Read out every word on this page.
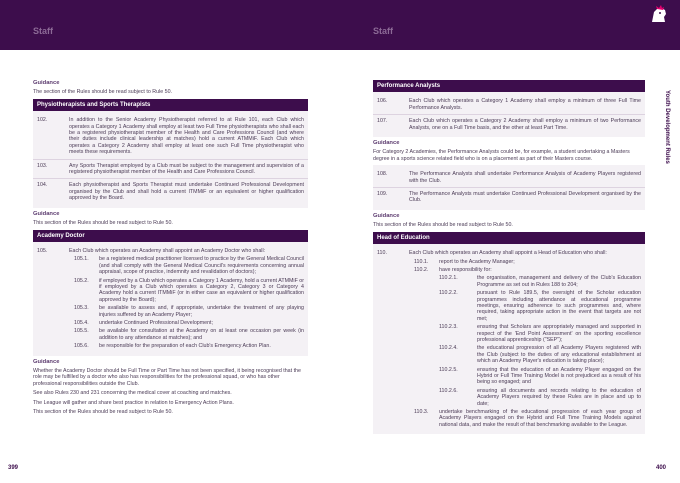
Staff
Guidance
The section of the Rules should be read subject to Rule 50.
Physiotherapists and Sports Therapists
102.	In addition to the Senior Academy Physiotherapist referred to at Rule 101, each Club which operates a Category 1 Academy shall employ at least two Full Time physiotherapists who shall each be a registered physiotherapist member of the Health and Care Professions Council (and where their duties include clinical leadership at matches) hold a current ATMMiF. Each Club which operates a Category 2 Academy shall employ at least one such Full Time physiotherapist who meets these requirements.
103.	Any Sports Therapist employed by a Club must be subject to the management and supervision of a registered physiotherapist member of the Health and Care Professions Council.
104.	Each physiotherapist and Sports Therapist must undertake Continued Professional Development organised by the Club and shall hold a current ITMMiF or an equivalent or higher qualification approved by the Board.
Guidance
This section of the Rules should be read subject to Rule 50.
Academy Doctor
105.	Each Club which operates an Academy shall appoint an Academy Doctor who shall:
105.1.	be a registered medical practitioner licensed to practice by the General Medical Council (and shall comply with the General Medical Council's requirements concerning annual appraisal, scope of practice, indemnity and revalidation of doctors);
105.2.	if employed by a Club which operates a Category 1 Academy, hold a current ATMMiF or if employed by a Club which operates a Category 2, Category 3 or Category 4 Academy hold a current ITMMiF (or in either case an equivalent or higher qualification approved by the Board);
105.3.	be available to assess and, if appropriate, undertake the treatment of any playing injuries suffered by an Academy Player;
105.4.	undertake Continued Professional Development;
105.5.	be available for consultation at the Academy on at least one occasion per week (in addition to any attendance at matches); and
105.6.	be responsible for the preparation of each Club's Emergency Action Plan.
Guidance
Whether the Academy Doctor should be Full Time or Part Time has not been specified, it being recognised that the role may be fulfilled by a doctor who also has responsibilities for the professional squad, or who has other professional responsibilities outside the Club.
See also Rules 230 and 231 concerning the medical cover at coaching and matches.
The League will gather and share best practice in relation to Emergency Action Plans.
This section of the Rules should be read subject to Rule 50.
399
Staff
Performance Analysts
106.	Each Club which operates a Category 1 Academy shall employ a minimum of three Full Time Performance Analysts.
107.	Each Club which operates a Category 2 Academy shall employ a minimum of two Performance Analysts, one on a Full Time basis, and the other at least Part Time.
Guidance
For Category 2 Academies, the Performance Analysts could be, for example, a student undertaking a Masters degree in a sports science related field who is on a placement as part of their Masters course.
108.	The Performance Analysts shall undertake Performance Analysis of Academy Players registered with the Club.
109.	The Performance Analysts must undertake Continued Professional Development organised by the Club.
Guidance
This section of the Rules should be read subject to Rule 50.
Head of Education
110.	Each Club which operates an Academy shall appoint a Head of Education who shall:
110.1.	report to the Academy Manager;
110.2.	have responsibility for:
110.2.1.	the organisation, management and delivery of the Club's Education Programme as set out in Rules 188 to 204;
110.2.2.	pursuant to Rule 189.5, the oversight of the Scholar education programmes including attendance at educational programme meetings, ensuring adherence to such programmes and, where required, taking appropriate action in the event that targets are not met;
110.2.3.	ensuring that Scholars are appropriately managed and supported in respect of the 'End Point Assessment' on the sporting excellence professional apprenticeship ("SEP");
110.2.4.	the educational progression of all Academy Players registered with the Club (subject to the duties of any educational establishment at which an Academy Player's education is taking place);
110.2.5.	ensuring that the education of an Academy Player engaged on the Hybrid or Full Time Training Model is not prejudiced as a result of his being so engaged; and
110.2.6.	ensuring all documents and records relating to the education of Academy Players required by these Rules are in place and up to date;
110.3.	undertake benchmarking of the educational progression of each year group of Academy Players engaged on the Hybrid and Full Time Training Models against national data, and make the result of that benchmarking available to the League.
Youth Development Rules
400
